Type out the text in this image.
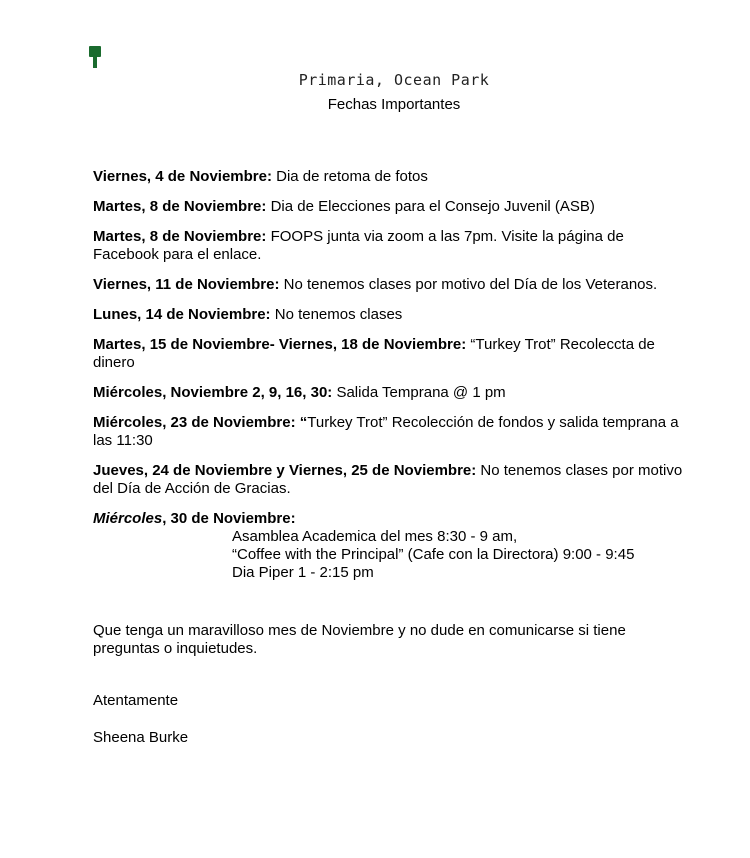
Primaria, Ocean Park
Fechas Importantes
Viernes, 4 de Noviembre: Dia de retoma de fotos
Martes, 8 de Noviembre: Dia de Elecciones para el Consejo Juvenil (ASB)
Martes, 8 de Noviembre: FOOPS junta via zoom a las 7pm. Visite la página de Facebook para el enlace.
Viernes, 11 de Noviembre: No tenemos clases por motivo del Día de los Veteranos.
Lunes, 14 de Noviembre: No tenemos clases
Martes, 15 de Noviembre- Viernes, 18 de Noviembre: “Turkey Trot” Recoleccta de dinero
Miércoles, Noviembre 2, 9, 16, 30: Salida Temprana @ 1 pm
Miércoles, 23 de Noviembre: “Turkey Trot” Recolección de fondos y salida temprana a las 11:30
Jueves, 24 de Noviembre y Viernes, 25 de Noviembre: No tenemos clases por motivo del Día de Acción de Gracias.
Miércoles, 30 de Noviembre:
Asamblea Academica del mes 8:30 - 9 am,
“Coffee with the Principal” (Cafe con la Directora) 9:00 - 9:45
Dia Piper 1 - 2:15 pm
Que tenga un maravilloso mes de Noviembre y no dude en comunicarse si tiene preguntas o inquietudes.
Atentamente
Sheena Burke
